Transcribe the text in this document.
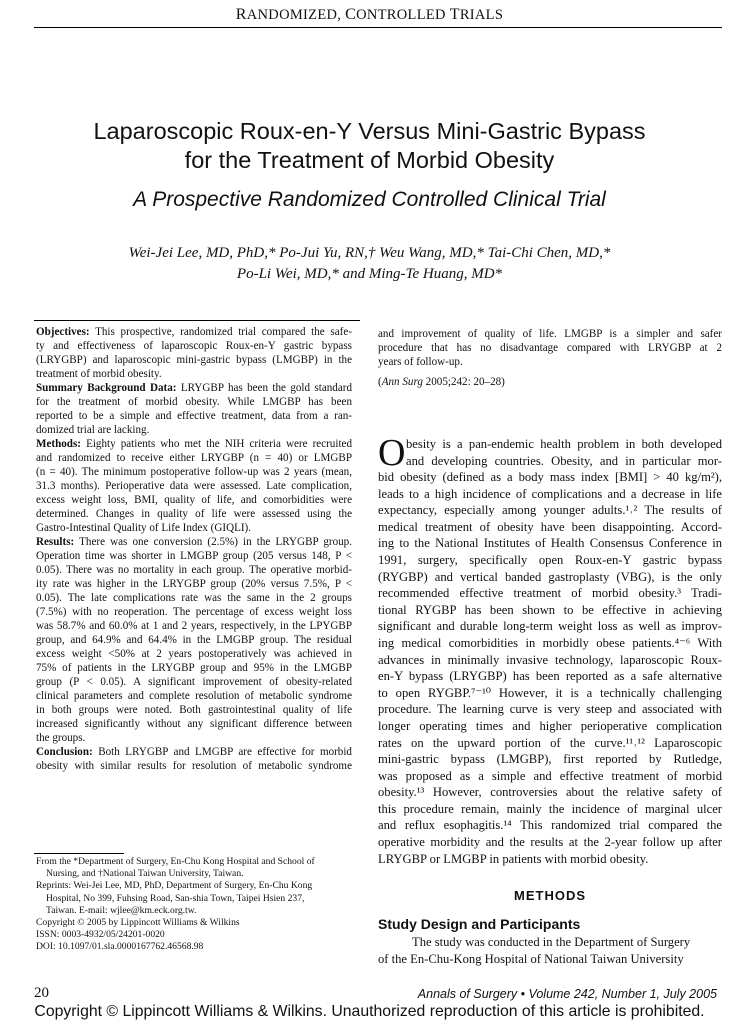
RANDOMIZED, CONTROLLED TRIALS
Laparoscopic Roux-en-Y Versus Mini-Gastric Bypass
for the Treatment of Morbid Obesity
A Prospective Randomized Controlled Clinical Trial
Wei-Jei Lee, MD, PhD,* Po-Jui Yu, RN,† Weu Wang, MD,* Tai-Chi Chen, MD,*
Po-Li Wei, MD,* and Ming-Te Huang, MD*
Objectives: This prospective, randomized trial compared the safe-
ty and effectiveness of laparoscopic Roux-en-Y gastric bypass
(LRYGBP) and laparoscopic mini-gastric bypass (LMGBP) in the
treatment of morbid obesity.
Summary Background Data: LRYGBP has been the gold standard
for the treatment of morbid obesity. While LMGBP has been
reported to be a simple and effective treatment, data from a ran-
domized trial are lacking.
Methods: Eighty patients who met the NIH criteria were recruited
and randomized to receive either LRYGBP (n = 40) or LMGBP
(n = 40). The minimum postoperative follow-up was 2 years (mean,
31.3 months). Perioperative data were assessed. Late complication,
excess weight loss, BMI, quality of life, and comorbidities were
determined. Changes in quality of life were assessed using the
Gastro-Intestinal Quality of Life Index (GIQLI).
Results: There was one conversion (2.5%) in the LRYGBP group.
Operation time was shorter in LMGBP group (205 versus 148, P <
0.05). There was no mortality in each group. The operative morbid-
ity rate was higher in the LRYGBP group (20% versus 7.5%, P <
0.05). The late complications rate was the same in the 2 groups
(7.5%) with no reoperation. The percentage of excess weight loss
was 58.7% and 60.0% at 1 and 2 years, respectively, in the LPYGBP
group, and 64.9% and 64.4% in the LMGBP group. The residual
excess weight <50% at 2 years postoperatively was achieved in
75% of patients in the LRYGBP group and 95% in the LMGBP
group (P < 0.05). A significant improvement of obesity-related
clinical parameters and complete resolution of metabolic syndrome
in both groups were noted. Both gastrointestinal quality of life
increased significantly without any significant difference between
the groups.
Conclusion: Both LRYGBP and LMGBP are effective for morbid
obesity with similar results for resolution of metabolic syndrome
and improvement of quality of life. LMGBP is a simpler and safer
procedure that has no disadvantage compared with LRYGBP at 2
years of follow-up.
(Ann Surg 2005;242: 20–28)
O besity is a pan-endemic health problem in both developed
and developing countries. Obesity, and in particular mor-
bid obesity (defined as a body mass index [BMI] > 40 kg/m²),
leads to a high incidence of complications and a decrease in life
expectancy, especially among younger adults.¹˒² The results of
medical treatment of obesity have been disappointing. Accord-
ing to the National Institutes of Health Consensus Conference in
1991, surgery, specifically open Roux-en-Y gastric bypass
(RYGBP) and vertical banded gastroplasty (VBG), is the only
recommended effective treatment of morbid obesity.³ Tradi-
tional RYGBP has been shown to be effective in achieving
significant and durable long-term weight loss as well as improv-
ing medical comorbidities in morbidly obese patients.⁴⁻⁶ With
advances in minimally invasive technology, laparoscopic Roux-
en-Y bypass (LRYGBP) has been reported as a safe alternative
to open RYGBP.⁷⁻¹⁰ However, it is a technically challenging
procedure. The learning curve is very steep and associated with
longer operating times and higher perioperative complication
rates on the upward portion of the curve.¹¹˒¹² Laparoscopic
mini-gastric bypass (LMGBP), first reported by Rutledge,
was proposed as a simple and effective treatment of morbid
obesity.¹³ However, controversies about the relative safety of
this procedure remain, mainly the incidence of marginal ulcer
and reflux esophagitis.¹⁴ This randomized trial compared the
operative morbidity and the results at the 2-year follow up after
LRYGBP or LMGBP in patients with morbid obesity.
METHODS
Study Design and Participants
The study was conducted in the Department of Surgery
of the En-Chu-Kong Hospital of National Taiwan University
From the *Department of Surgery, En-Chu Kong Hospital and School of
Nursing, and †National Taiwan University, Taiwan.
Reprints: Wei-Jei Lee, MD, PhD, Department of Surgery, En-Chu Kong
Hospital, No 399, Fuhsing Road, San-shia Town, Taipei Hsien 237,
Taiwan. E-mail: wjlee@km.eck.org.tw.
Copyright © 2005 by Lippincott Williams & Wilkins
ISSN: 0003-4932/05/24201-0020
DOI: 10.1097/01.sla.0000167762.46568.98
20	Annals of Surgery • Volume 242, Number 1, July 2005
Copyright © Lippincott Williams & Wilkins. Unauthorized reproduction of this article is prohibited.
